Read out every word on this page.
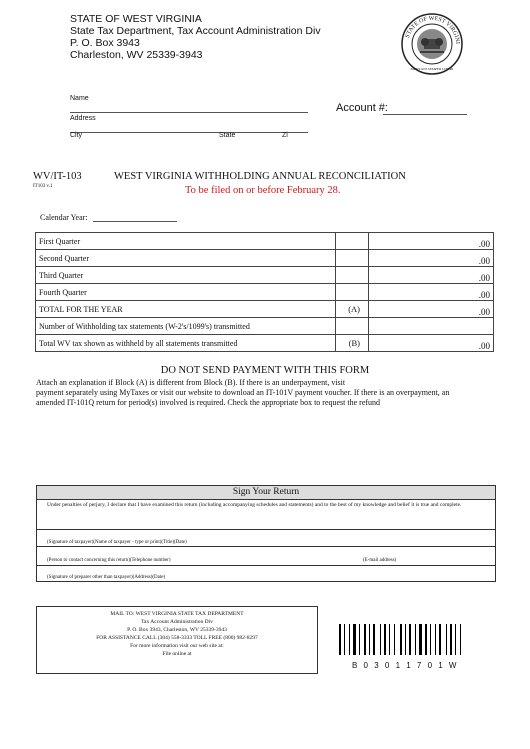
STATE OF WEST VIRGINIA
State Tax Department, Tax Account Administration Div
P. O. Box 3943
Charleston, WV 25339-3943
STATE OF WEST VIRGINI
MONTANI SEMPER LIBERI
Name
Address
City	State	Zi
Account #:
WV/IT-103
IT103 v.1
WEST VIRGINIA WITHHOLDING ANNUAL RECONCILIATION
To be filed on or before February 28.
Calendar Year:
First Quarter		.00
Second Quarter		.00
Third Quarter		.00
Fourth Quarter		.00
TOTAL FOR THE YEAR	(A)	.00
Number of Withholding tax statements (W-2's/1099's) transmitted		
Total WV tax shown as withheld by all statements transmitted	(B)	.00
DO NOT SEND PAYMENT WITH THIS FORM
Attach an explanation if Block (A) is different from Block (B). If there is an underpayment, visit
payment separately using MyTaxes or visit our website to download an IT-101V payment voucher. If there is an overpayment, an
amended IT-101Q return for period(s) involved is required. Check the appropriate box to request the refund
Sign Your Return
Under penalties of perjury, I declare that I have examined this return (including accompanying schedules and statements) and to the best of my knowledge and belief it is true and complete.
(Signature of taxpayer)(Name of taxpayer - type or print)(Title)(Date)
(Person to contact concerning this return)(Telephone number)	(E-mail address)
(Signature of preparer other than taxpayer)(Address)(Date)
MAIL TO: WEST VIRGINIA STATE TAX DEPARTMENT
Tax Account Administration Div
P. O. Box 3943, Charleston, WV 25339-3943
FOR ASSISTANCE CALL (304) 558-3333 TOLL FREE (800) 982-8297
For more information visit our web site at:
File online at
B 0 3 0 1 1 7 0 1 W
